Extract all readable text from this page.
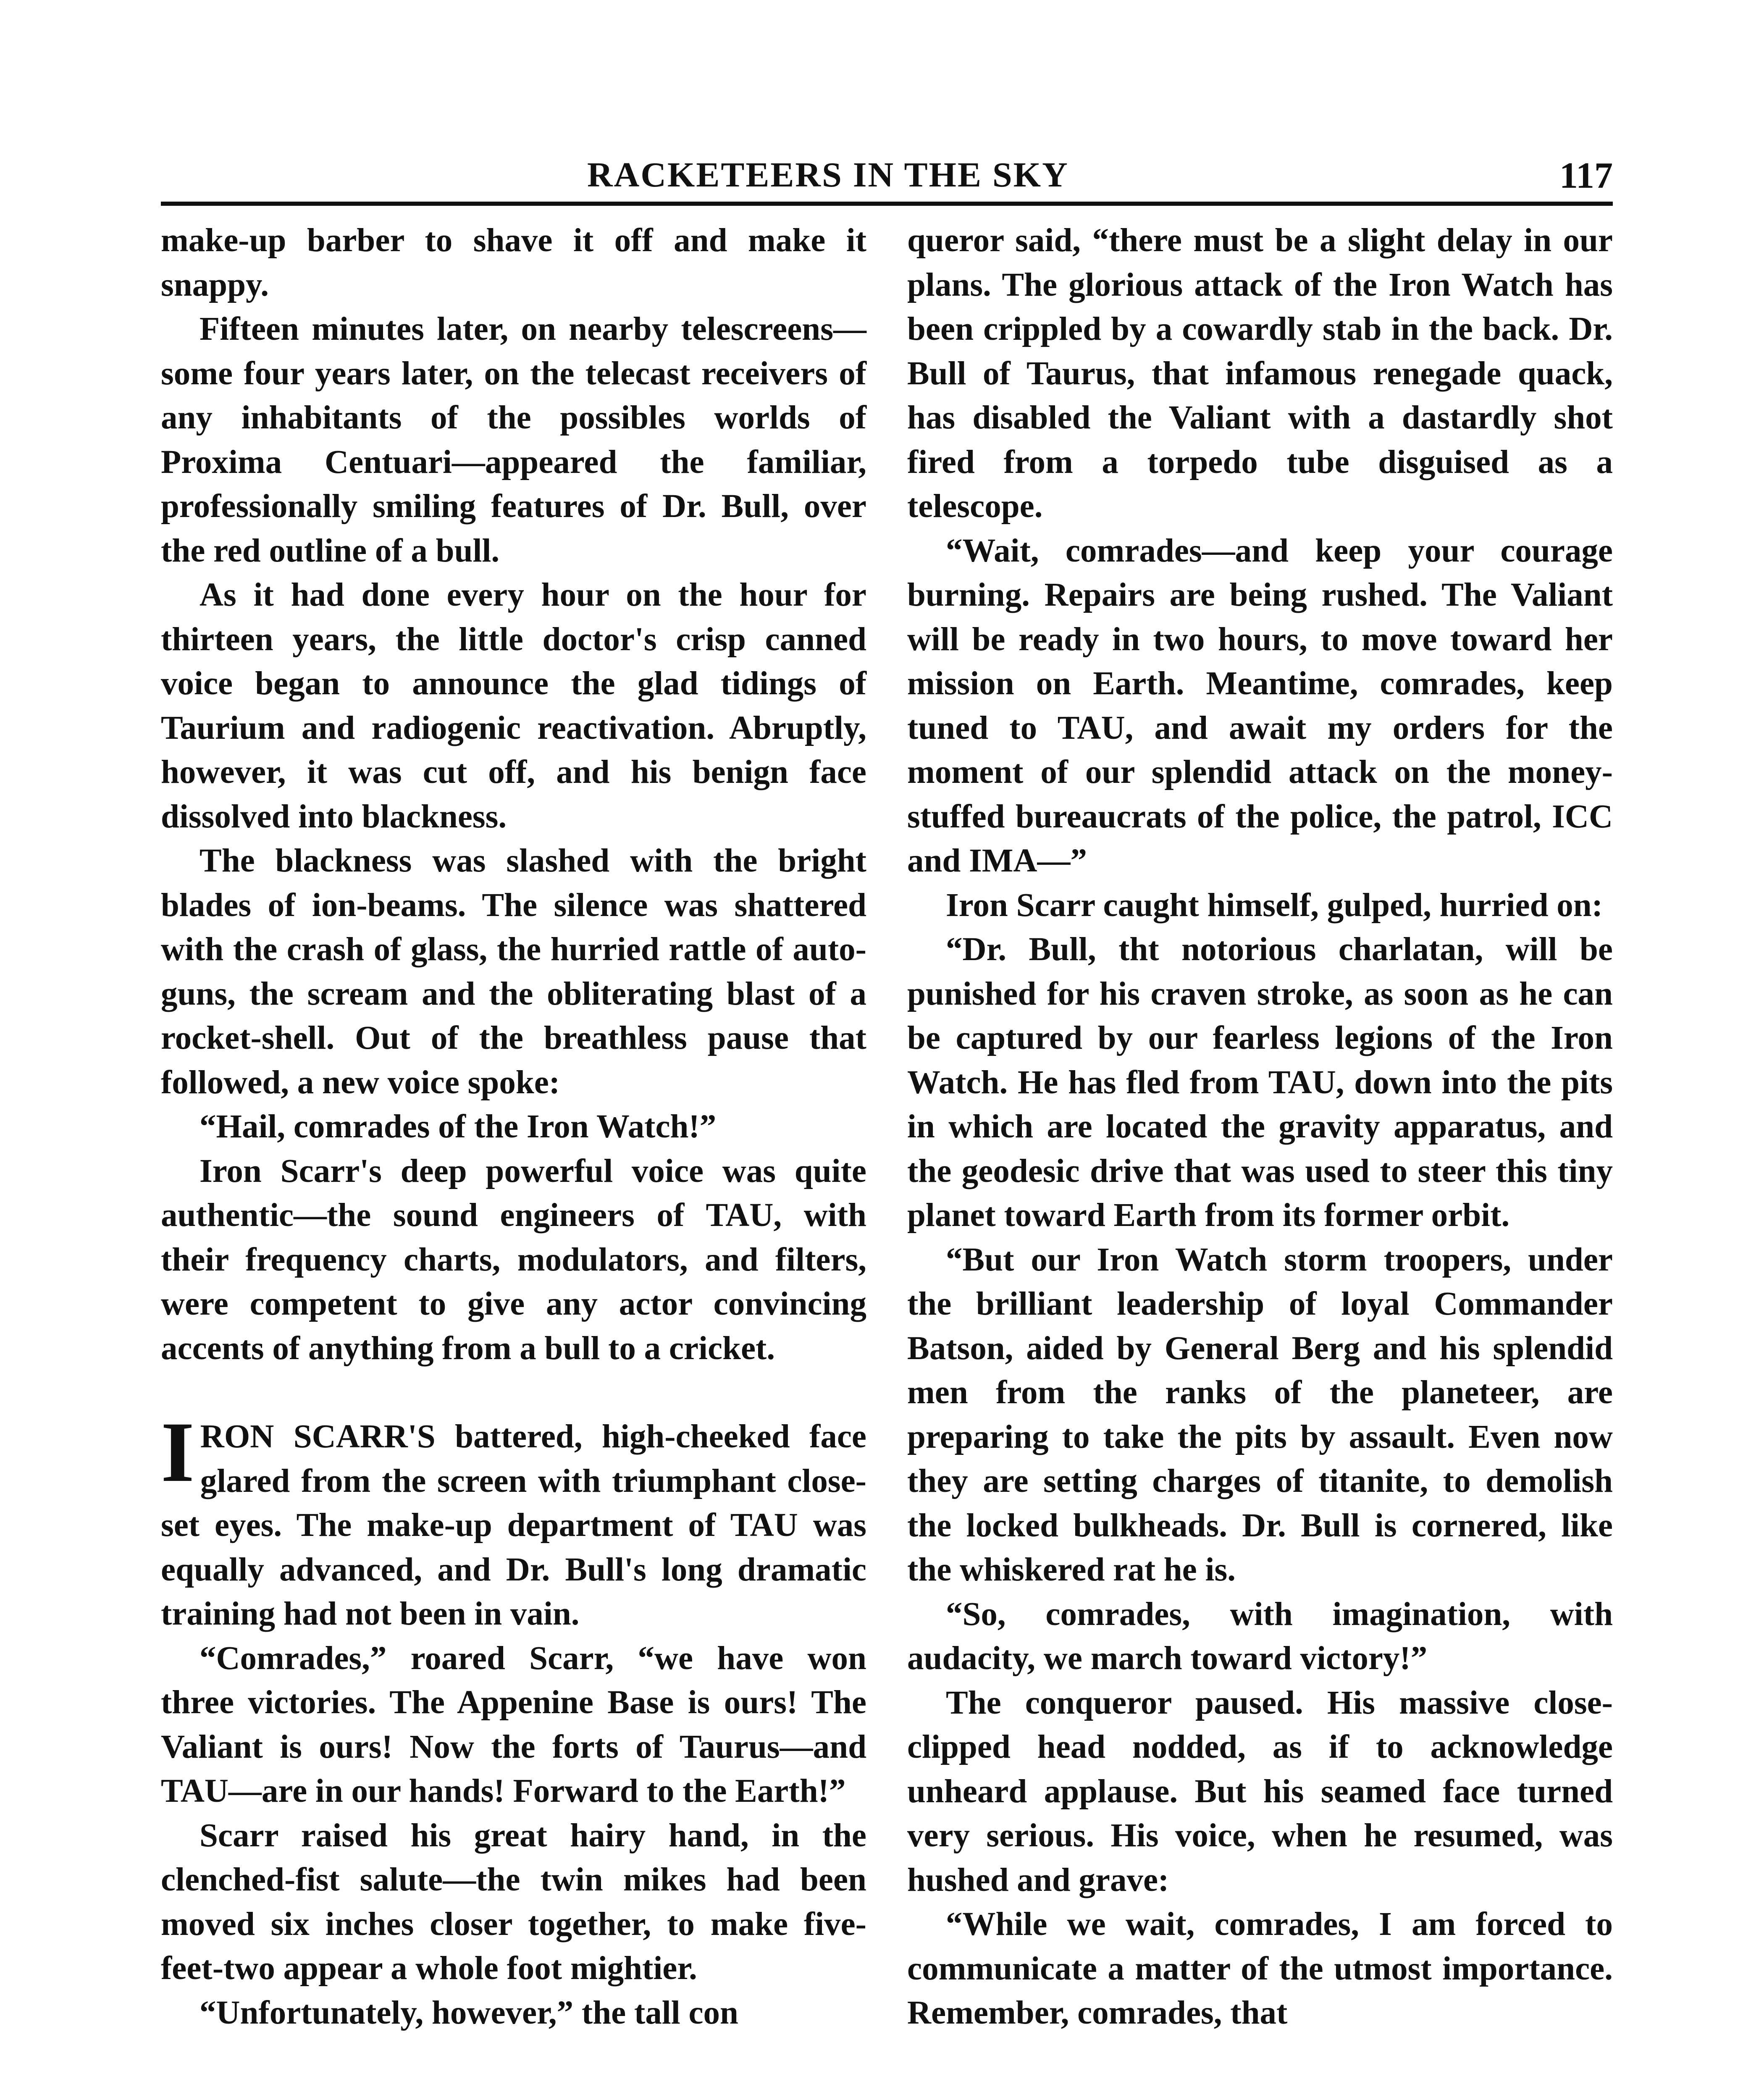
RACKETEERS IN THE SKY	117

make-up barber to shave it off and make it snappy.

Fifteen minutes later, on nearby telescreens—some four years later, on the telecast receivers of any inhabitants of the possibles worlds of Proxima Centuari—appeared the familiar, professionally smiling features of Dr. Bull, over the red outline of a bull.

As it had done every hour on the hour for thirteen years, the little doctor's crisp canned voice began to announce the glad tidings of Taurium and radiogenic reactivation. Abruptly, however, it was cut off, and his benign face dissolved into blackness.

The blackness was slashed with the bright blades of ion-beams. The silence was shattered with the crash of glass, the hurried rattle of auto-guns, the scream and the obliterating blast of a rocket-shell. Out of the breathless pause that followed, a new voice spoke:

“Hail, comrades of the Iron Watch!”

Iron Scarr's deep powerful voice was quite authentic—the sound engineers of TAU, with their frequency charts, modulators, and filters, were competent to give any actor convincing accents of anything from a bull to a cricket.

IRON SCARR'S battered, high-cheeked face glared from the screen with triumphant close-set eyes. The make-up department of TAU was equally advanced, and Dr. Bull's long dramatic training had not been in vain.

“Comrades,” roared Scarr, “we have won three victories. The Appenine Base is ours! The Valiant is ours! Now the forts of Taurus—and TAU—are in our hands! Forward to the Earth!”

Scarr raised his great hairy hand, in the clenched-fist salute—the twin mikes had been moved six inches closer together, to make five-feet-two appear a whole foot mightier.

“Unfortunately, however,” the tall con

queror said, “there must be a slight delay in our plans. The glorious attack of the Iron Watch has been crippled by a cowardly stab in the back. Dr. Bull of Taurus, that infamous renegade quack, has disabled the Valiant with a dastardly shot fired from a torpedo tube disguised as a telescope.

“Wait, comrades—and keep your courage burning. Repairs are being rushed. The Valiant will be ready in two hours, to move toward her mission on Earth. Meantime, comrades, keep tuned to TAU, and await my orders for the moment of our splendid attack on the money-stuffed bureaucrats of the police, the patrol, ICC and IMA—”

Iron Scarr caught himself, gulped, hurried on:

“Dr. Bull, tht notorious charlatan, will be punished for his craven stroke, as soon as he can be captured by our fearless legions of the Iron Watch. He has fled from TAU, down into the pits in which are located the gravity apparatus, and the geodesic drive that was used to steer this tiny planet toward Earth from its former orbit.

“But our Iron Watch storm troopers, under the brilliant leadership of loyal Commander Batson, aided by General Berg and his splendid men from the ranks of the planeteer, are preparing to take the pits by assault. Even now they are setting charges of titanite, to demolish the locked bulkheads. Dr. Bull is cornered, like the whiskered rat he is.

“So, comrades, with imagination, with audacity, we march toward victory!”

The conqueror paused. His massive close-clipped head nodded, as if to acknowledge unheard applause. But his seamed face turned very serious. His voice, when he resumed, was hushed and grave:

“While we wait, comrades, I am forced to communicate a matter of the utmost importance. Remember, comrades, that
